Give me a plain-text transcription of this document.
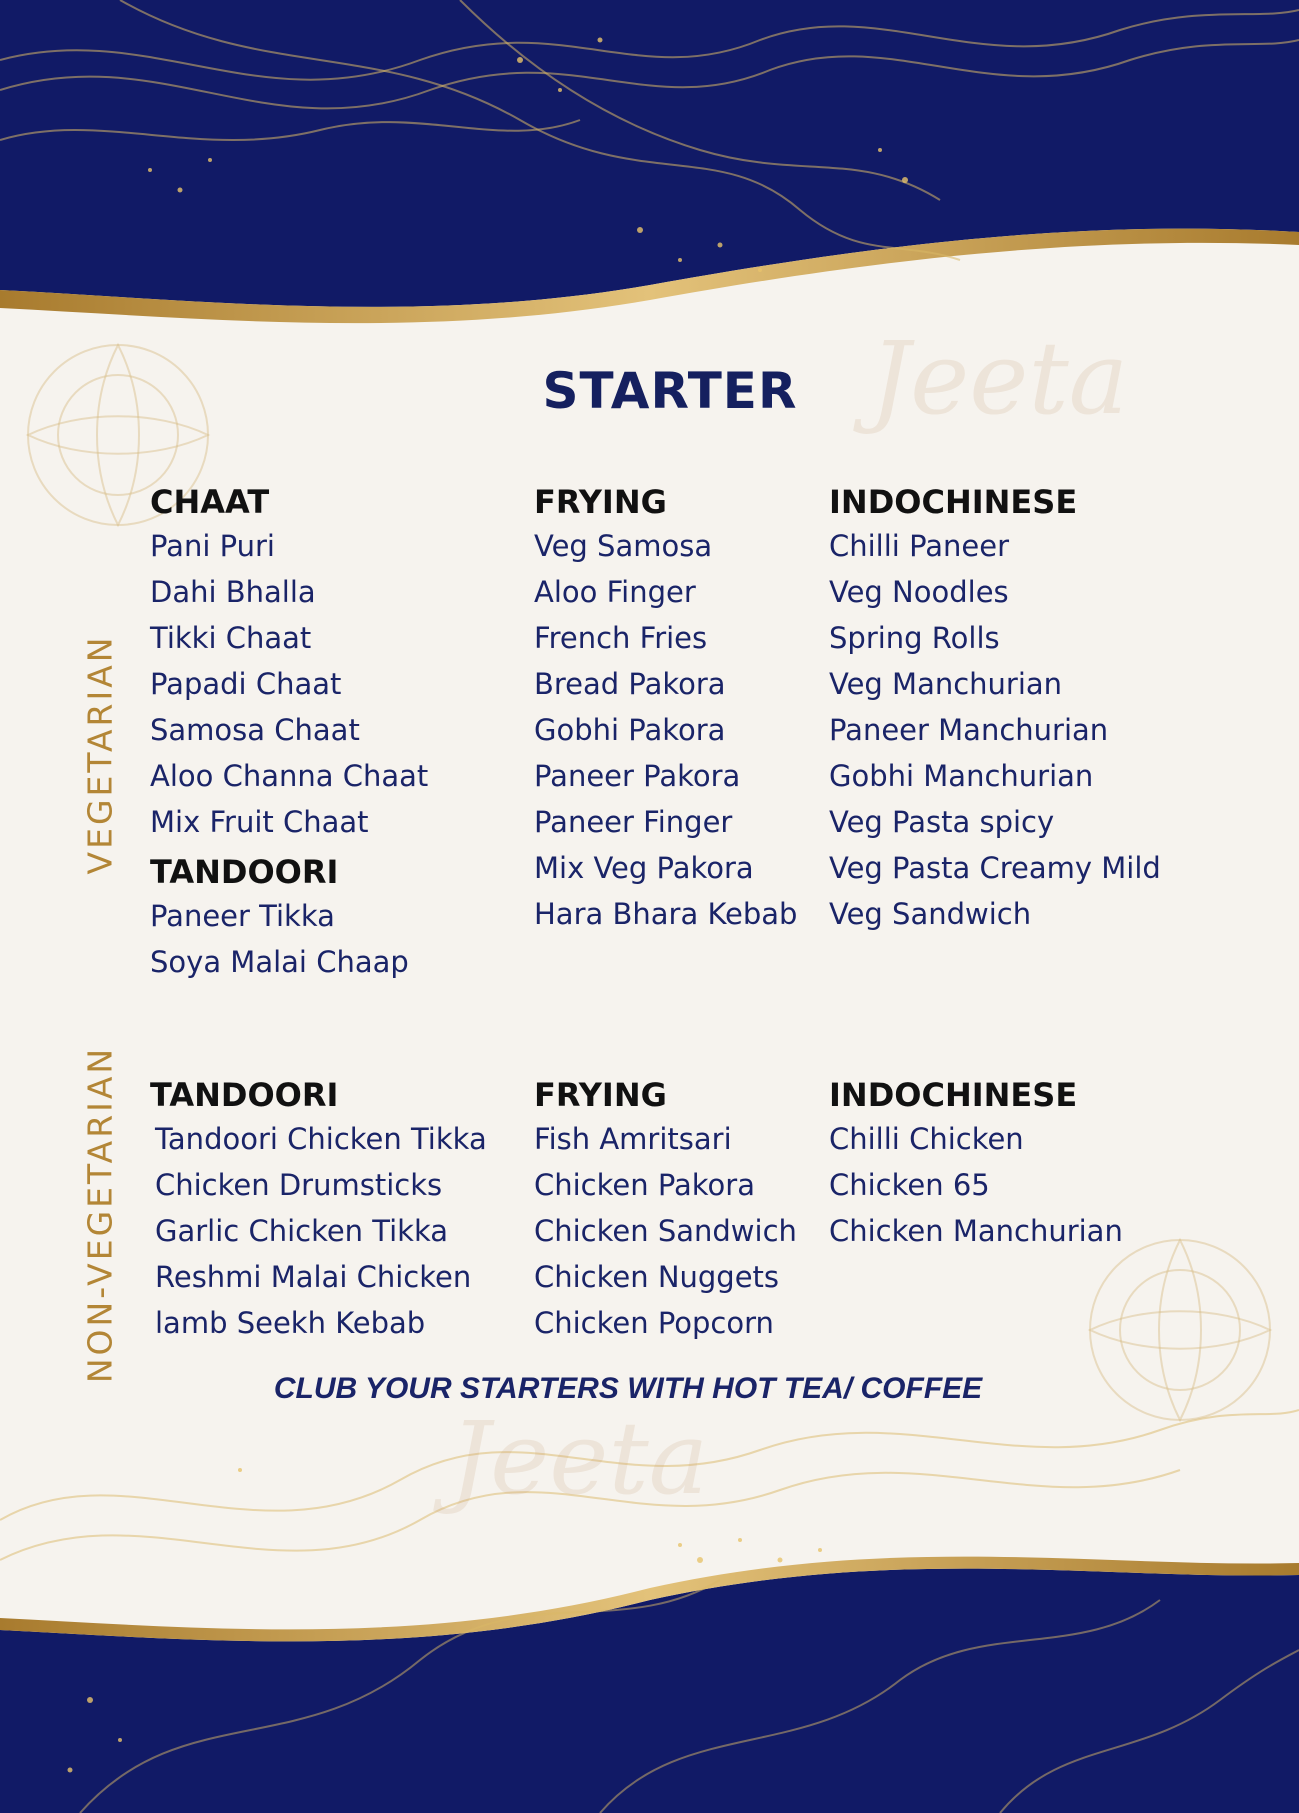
Jeeta
Jeeta
STARTER
VEGETARIAN
NON-VEGETARIAN
CHAAT
Pani Puri
Dahi Bhalla
Tikki Chaat
Papadi Chaat
Samosa Chaat
Aloo Channa Chaat
Mix Fruit Chaat
TANDOORI
Paneer Tikka
Soya Malai Chaap
FRYING
Veg Samosa
Aloo Finger
French Fries
Bread Pakora
Gobhi Pakora
Paneer Pakora
Paneer Finger
Mix Veg Pakora
Hara Bhara Kebab
INDOCHINESE
Chilli Paneer
Veg Noodles
Spring Rolls
Veg Manchurian
Paneer Manchurian
Gobhi Manchurian
Veg Pasta spicy
Veg Pasta Creamy Mild
Veg Sandwich
TANDOORI
Tandoori Chicken Tikka
Chicken Drumsticks
Garlic Chicken Tikka
Reshmi Malai Chicken
lamb Seekh Kebab
FRYING
Fish Amritsari
Chicken Pakora
Chicken Sandwich
Chicken Nuggets
Chicken Popcorn
INDOCHINESE
Chilli Chicken
Chicken 65
Chicken Manchurian
CLUB YOUR STARTERS WITH HOT TEA/ COFFEE
